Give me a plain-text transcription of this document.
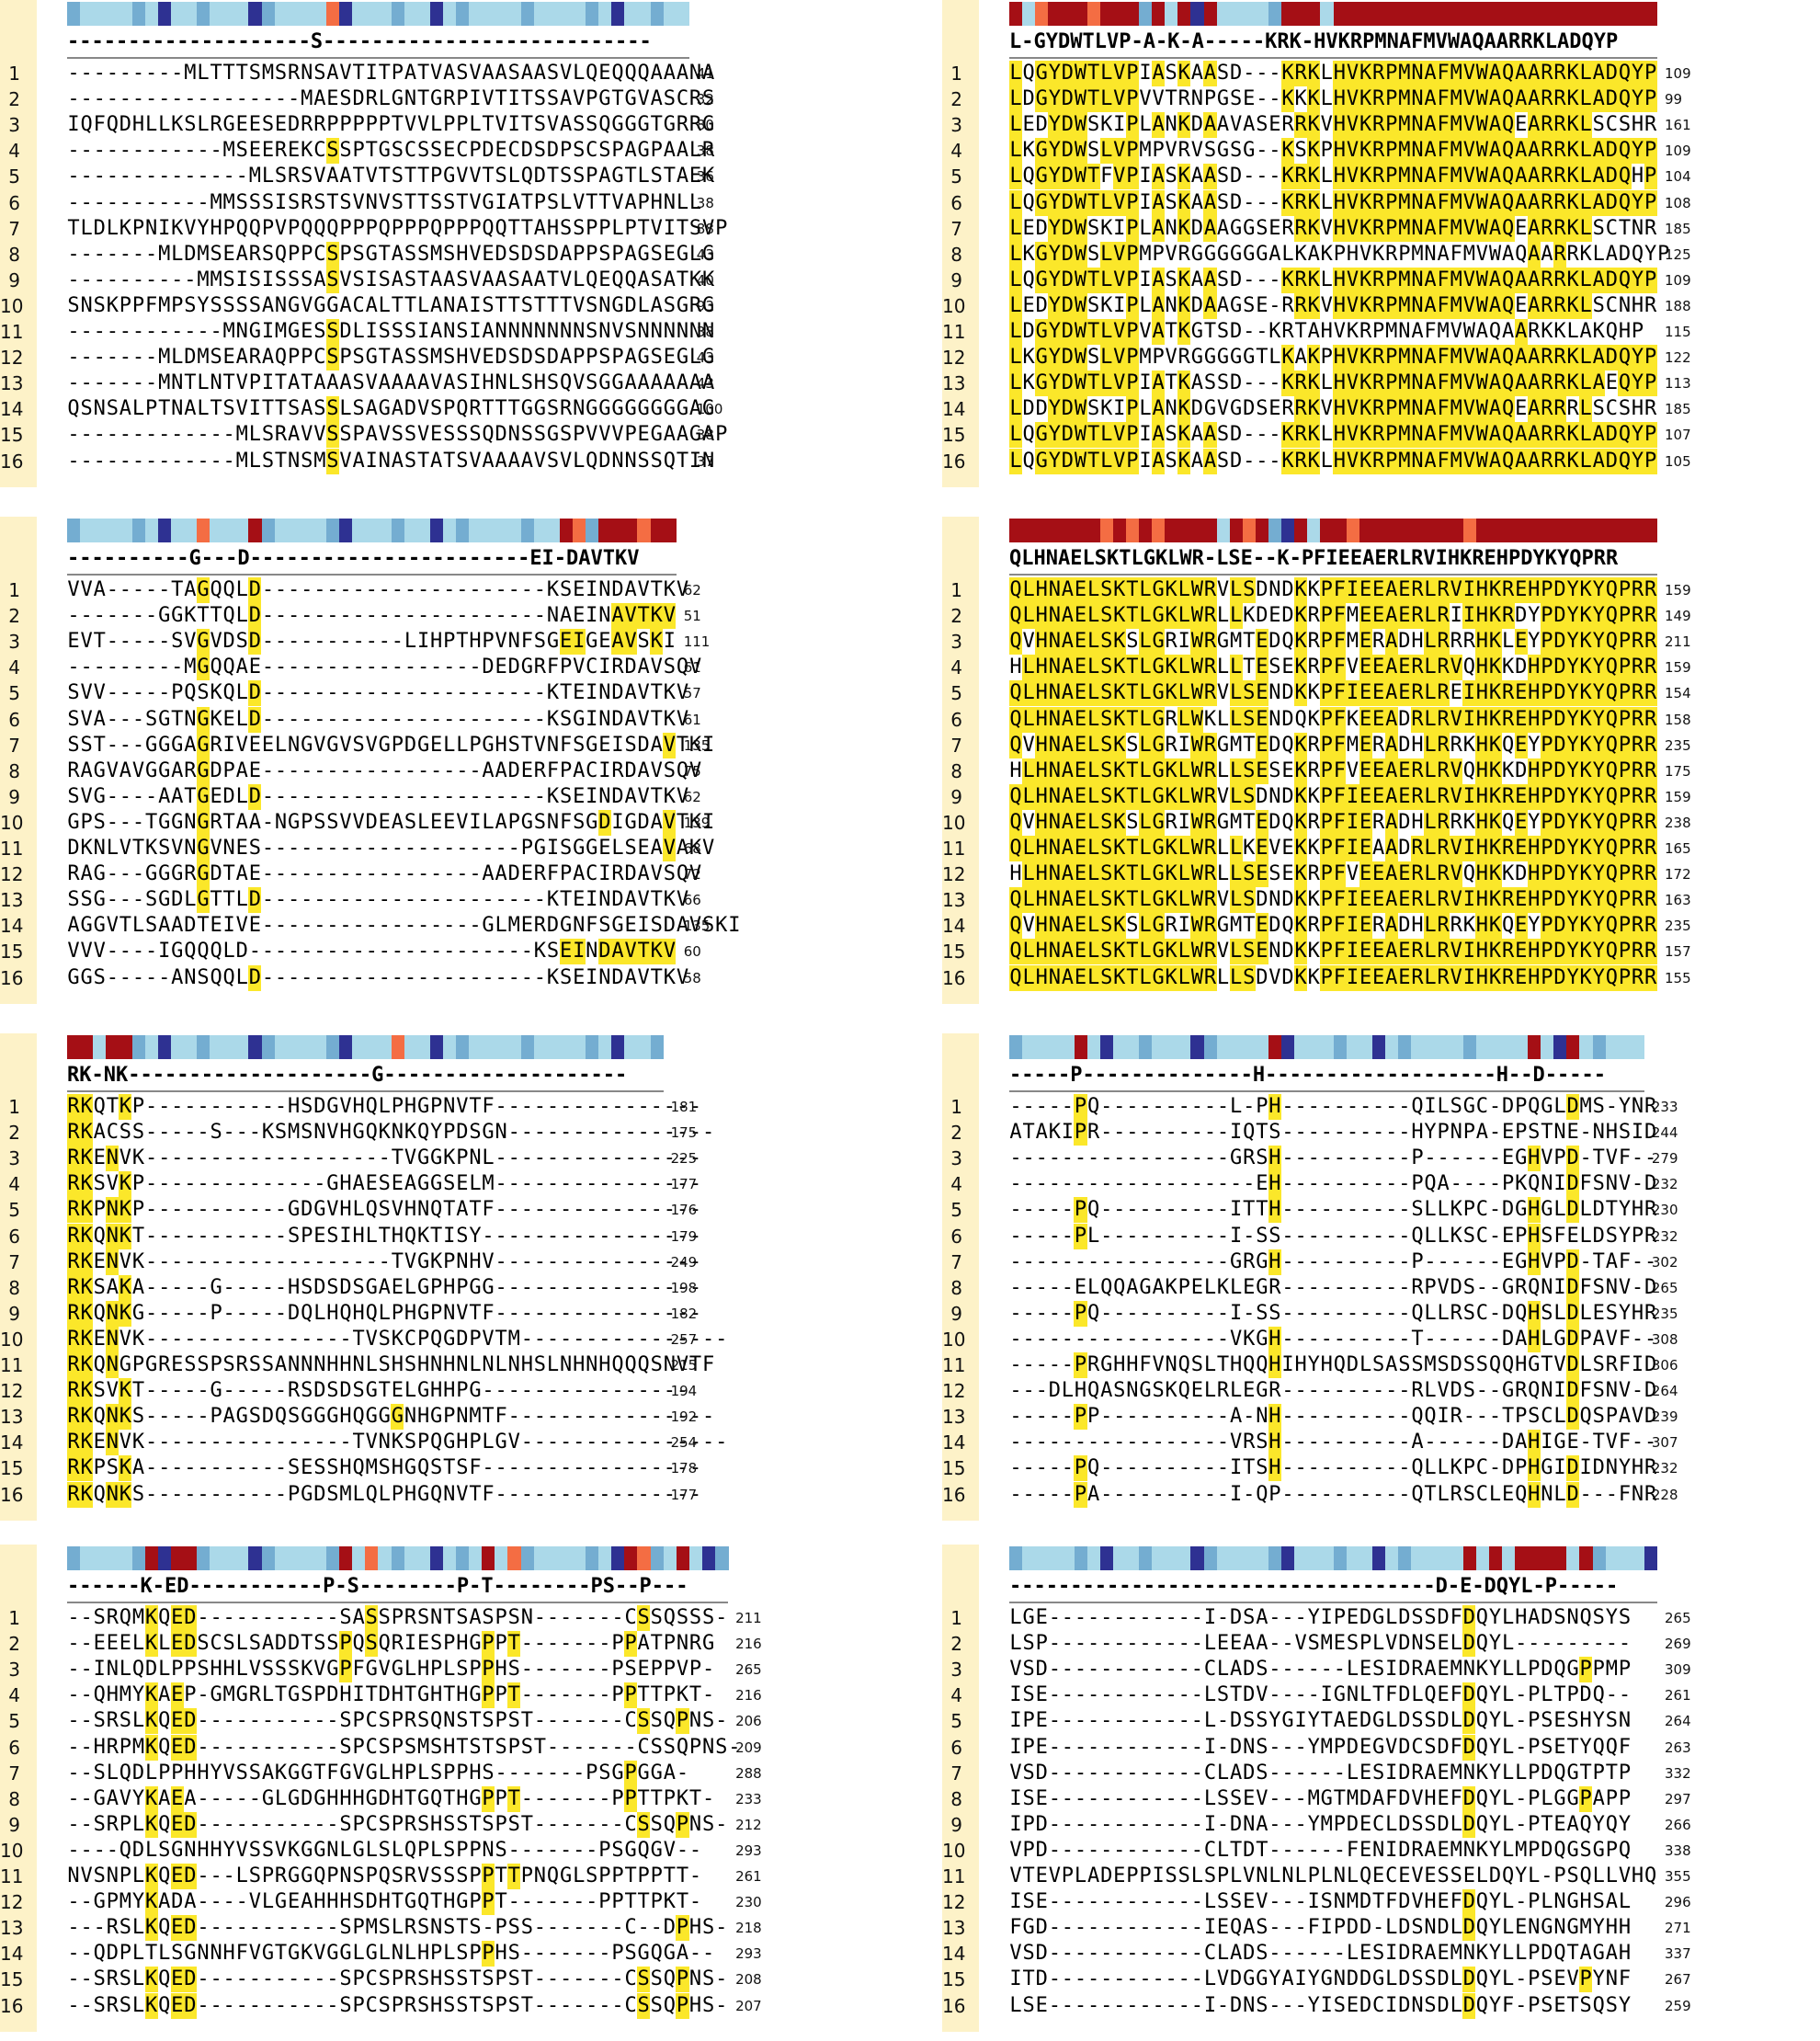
--------------------S---------------------------
1 ---------MLTTTSMSRNSAVTITPATVASVAASAASVLQEQQQAAANA
41
2 ------------------MAESDRLGNTGRPIVTITSSAVPGTGVASCRS
32
3 IQFQDHLLKSLRGEESEDRRPPPPPTVVLPPLTVITSVASSQGGGTGRRG
80
4 ------------MSEEREKCSSPTGSCSSECPDECDSDPSCSPAGPAALR
38
5 --------------MLSRSVAATVTSTTPGVVTSLQDTSSPAGTLSTAEK
36
6 -----------MMSSSISRSTSVNVSTTSSTVGIATPSLVTTVAPHNLL
38
7 TLDLKPNIKVYHPQQPVPQQQPPPQPPPQPPPQQTTAHSSPPLPTVITSVP
88
8 -------MLDMSEARSQPPCSPSGTASSMSHVEDSDSDAPPSPAGSEGLG
43
9 ----------MMSISISSSASVSISASTAASVAASAATVLQEQQASATKK
40
10 SNSKPPFMPSYSSSSANGVGGACALTTLANAISTTSTTTVSNGDLASGRG
93
11 ------------MNGIMGESSDLISSSIANSIANNNNNNNSNVSNNNNNN
38
12 -------MLDMSEARAQPPCSPSGTASSMSHVEDSDSDAPPSPAGSEGLG
43
13 -------MNTLNTVPITATAAASVAAAAVASIHNLSHSQVSGGAAAAAAA
43
14 QSNSALPTNALTSVITTSASSLSAGADVSPQRTTTGGSRNGGGGGGGGAG
100
15 -------------MLSRAVVSSPAVSSVESSSQDNSSGSPVVVPEGAAGAP
38
16 -------------MLSTNSMSVAINASTATSVAAAAVSVLQDNNSSQTIN
37
L-GYDWTLVP-A-K-A-----KRK-HVKRPMNAFMVWAQAARRKLADQYP
1 LQGYDWTLVPIASKAASD---KRKLHVKRPMNAFMVWAQAARRKLADQYP 109
2 LDGYDWTLVPVVTRNPGSE--KKKLHVKRPMNAFMVWAQAARRKLADQYP 99
3 LEDYDWSKIPLANKDAAVASERRKVHVKRPMNAFMVWAQEARRKLSCSHR 161
4 LKGYDWSLVPMPVRVSGSG--KSKPHVKRPMNAFMVWAQAARRKLADQYP 109
5 LQGYDWTFVPIASKAASD---KRKLHVKRPMNAFMVWAQAARRKLADQHP 104
6 LQGYDWTLVPIASKAASD---KRKLHVKRPMNAFMVWAQAARRKLADQYP 108
7 LEDYDWSKIPLANKDAAGGSERRKVHVKRPMNAFMVWAQEARRKLSCTNR 185
8 LKGYDWSLVPMPVRGGGGGGALKAKPHVKRPMNAFMVWAQAARRKLADQYP
125
9 LQGYDWTLVPIASKAASD---KRKLHVKRPMNAFMVWAQAARRKLADQYP 109
10 LEDYDWSKIPLANKDAAGSE-RRKVHVKRPMNAFMVWAQEARRKLSCNHR 188
11 LDGYDWTLVPVATKGTSD--KRTAHVKRPMNAFMVWAQAARKKLAKQHP 115
12 LKGYDWSLVPMPVRGGGGGTLKAKPHVKRPMNAFMVWAQAARRKLADQYP 122
13 LKGYDWTLVPIATKASSD---KRKLHVKRPMNAFMVWAQAARRKLAEQYP 113
14 LDDYDWSKIPLANKDGVGDSERRKVHVKRPMNAFMVWAQEARRRLSCSHR 185
15 LQGYDWTLVPIASKAASD---KRKLHVKRPMNAFMVWAQAARRKLADQYP 107
16 LQGYDWTLVPIASKAASD---KRKLHVKRPMNAFMVWAQAARRKLADQYP 105
----------G---D-----------------------EI-DAVTKV
1 VVA-----TAGQQLD----------------------KSEINDAVTKV
62
2 -------GGKTTQLD----------------------NAEINAVTKV 51
3 EVT-----SVGVDSD-----------LIHPTHPVNFSGEIGEAVSKI 111
4 ---------MGQQAE-----------------DEDGRFPVCIRDAVSQV
61
5 SVV-----PQSKQLD----------------------KTEINDAVTKV
57
6 SVA---SGTNGKELD----------------------KSGINDAVTKV
61
7 SST---GGGAGRIVEELNGVGVSVGPDGELLPGHSTVNFSGEISDAVTKI
135
8 RAGVAVGGARGDPAE-----------------AADERFPACIRDAVSQV
75
9 SVG----AATGEDLD----------------------KSEINDAVTKV
62
10 GPS---TGGNGRTAA-NGPSSVVDEASLEEVILAPGSNFSGDIGDAVTKI
139
11 DKNLVTKSVNGVNES--------------------PGISGGELSEAVAKV
68
12 RAG---GGGRGDTAE-----------------AADERFPACIRDAVSQV
72
13 SSG---SGDLGTTLD----------------------KTEINDAVTKV
66
14 AGGVTLSAADTEIVE-----------------GLMERDGNFSGEISDAVSKI
135
15 VVV----IGQQQLD----------------------KSEINDAVTKV 60
16 GGS-----ANSQQLD----------------------KSEINDAVTKV
58
QLHNAELSKTLGKLWR-LSE--K-PFIEEAERLRVIHKREHPDYKYQPRR
1 QLHNAELSKTLGKLWRVLSDNDKKPFIEEAERLRVIHKREHPDYKYQPRR 159
2 QLHNAELSKTLGKLWRLLKDEDKRPFMEEAERLRIIHKRDYPDYKYQPRR 149
3 QVHNAELSKSLGRIWRGMTEDQKRPFMERADHLRRRHKLEYPDYKYQPRR 211
4 HLHNAELSKTLGKLWRLLTESEKRPFVEEAERLRVQHKKDHPDYKYQPRR 159
5 QLHNAELSKTLGKLWRVLSENDKKPFIEEAERLREIHKREHPDYKYQPRR 154
6 QLHNAELSKTLGRLWKLLSENDQKPFKEEADRLRVIHKREHPDYKYQPRR 158
7 QVHNAELSKSLGRIWRGMTEDQKRPFMERADHLRRKHKQEYPDYKYQPRR 235
8 HLHNAELSKTLGKLWRLLSESEKRPFVEEAERLRVQHKKDHPDYKYQPRR 175
9 QLHNAELSKTLGKLWRVLSDNDKKPFIEEAERLRVIHKREHPDYKYQPRR 159
10 QVHNAELSKSLGRIWRGMTEDQKRPFIERADHLRRKHKQEYPDYKYQPRR 238
11 QLHNAELSKTLGKLWRLLKEVEKKPFIEAADRLRVIHKREHPDYKYQPRR 165
12 HLHNAELSKTLGKLWRLLSESEKRPFVEEAERLRVQHKKDHPDYKYQPRR 172
13 QLHNAELSKTLGKLWRVLSDNDKKPFIEEAERLRVIHKREHPDYKYQPRR 163
14 QVHNAELSKSLGRIWRGMTEDQKRPFIERADHLRRKHKQEYPDYKYQPRR 235
15 QLHNAELSKTLGKLWRVLSENDKKPFIEEAERLRVIHKREHPDYKYQPRR 157
16 QLHNAELSKTLGKLWRLLSDVDKKPFIEEAERLRVIHKREHPDYKYQPRR 155
RK-NK--------------------G--------------------
1 RKQTKP-----------HSDGVHQLPHGPNVTF----------------
181
2 RKACSS-----S---KSMSNVHGQKNKQYPDSGN----------------
175
3 RKENVK-------------------TVGGKPNL----------------
225
4 RKSVKP--------------GHAESEAGGSELM----------------
177
5 RKPNKP-----------GDGVHLQSVHNQTATF----------------
176
6 RKQNKT-----------SPESIHLTHQKTISY-----------------
179
7 RKENVK-------------------TVGKPNHV----------------
249
8 RKSAKA-----G-----HSDSDSGAELGPHPGG----------------
198
9 RKQNKG-----P-----DQLHQHQLPHGPNVTF----------------
182
10 RKENVK----------------TVSKCPQGDPVTM----------------
257
11 RKQNGPGRESSPSRSSANNNHHNLSHSHNHNLNLNHSLNHNHQQQSNVTF
215
12 RKSVKT-----G-----RSDSDSGTELGHHPG----------------
194
13 RKQNKS-----PAGSDQSGGGHQGGGNHGPNMTF----------------
192
14 RKENVK----------------TVNKSPQGHPLGV----------------
254
15 RKPSKA-----------SESSHQMSHGQSTSF-----------------
178
16 RKQNKS-----------PGDSMLQLPHGQNVTF----------------
177
-----P--------------H-------------------H--D-----
1 -----PQ----------L-PH----------QILSGC-DPQGLDMS-YNR
233
2 ATAKIPR----------IQTS----------HYPNPA-EPSTNE-NHSID
244
3 -----------------GRSH----------P------EGHVPD-TVF--
279
4 -------------------EH----------PQA----PKQNIDFSNV-D
232
5 -----PQ----------ITTH----------SLLKPC-DGHGLDLDTYHR
230
6 -----PL----------I-SS----------QLLKSC-EPHSFELDSYPR
232
7 -----------------GRGH----------P------EGHVPD-TAF--
302
8 -----ELQQAGAKPELKLEGR----------RPVDS--GRQNIDFSNV-D
265
9 -----PQ----------I-SS----------QLLRSC-DQHSLDLESYHR
235
10 -----------------VKGH----------T------DAHLGDPAVF--
308
11 -----PRGHHFVNQSLTHQQHIHYHQDLSASSMSDSSQQHGTVDLSRFID
306
12 ---DLHQASNGSKQELRLEGR----------RLVDS--GRQNIDFSNV-D
264
13 -----PP----------A-NH----------QQIR---TPSCLDQSPAVD
239
14 -----------------VRSH----------A------DAHIGE-TVF--
307
15 -----PQ----------ITSH----------QLLKPC-DPHGIDIDNYHR
232
16 -----PA----------I-QP----------QTLRSCLEQHNLD---FNR
228
------K-ED-----------P-S--------P-T--------PS--P---
1 --SRQMKQED-----------SASSPRSNTSASPSN-------CSSQSSS- 211
2 --EEELKLEDSCSLSADDTSSPQSQRIESPHGPPT-------PPATPNRG 216
3 --INLQDLPPSHHLVSSSKVGPFGVGLHPLSPPHS-------PSEPPVP- 265
4 --QHMYKAEP-GMGRLTGSPDHITDHTGHTHGPPT-------PPTTPKT- 216
5 --SRSLKQED-----------SPCSPRSQNSTSPST-------CSSQPNS- 206
6 --HRPMKQED-----------SPCSPSMSHTSTSPST-------CSSQPNS-
209
7 --SLQDLPPHHYVSSAKGGTFGVGLHPLSPPHS-------PSGPGGA-	288
8 --GAVYKAEA-----GLGDGHHHGDHTGQTHGPPT-------PPTTPKT- 233
9 --SRPLKQED-----------SPCSPRSHSSTSPST-------CSSQPNS- 212
10 ----QDLSGNHHYVSSVKGGNLGLSLQPLSPPNS-------PSGQGV-- 293
11 NVSNPLKQED---LSPRGGQPNSPQSRVSSSPPTTPNQGLSPPTPPTT- 261
12 --GPMYKADA----VLGEAHHHSDHTGQTHGPPT-------PPTTPKT- 230
13 ---RSLKQED-----------SPMSLRSNSTS-PSS-------C--DPHS- 218
14 --QDPLTLSGNNHFVGTGKVGGLGLNLHPLSPPHS-------PSGQGA-- 293
15 --SRSLKQED-----------SPCSPRSHSSTSPST-------CSSQPNS- 208
16 --SRSLKQED-----------SPCSPRSHSSTSPST-------CSSQPHS- 207
-----------------------------------D-E-DQYL-P-----
1 LGE------------I-DSA---YIPEDGLDSSDFDQYLHADSNQSYS 265
2 LSP------------LEEAA--VSMESPLVDNSELDQYL--------- 269
3 VSD------------CLADS------LESIDRAEMNKYLLPDQGPPMP 309
4 ISE------------LSTDV----IGNLTFDLQEFDQYL-PLTPDQ-- 261
5 IPE------------L-DSSYGIYTAEDGLDSSDLDQYL-PSESHYSN 264
6 IPE------------I-DNS---YMPDEGVDCSDFDQYL-PSETYQQF 263
7 VSD------------CLADS------LESIDRAEMNKYLLPDQGTPTP 332
8 ISE------------LSSEV---MGTMDAFDVHEFDQYL-PLGGPAPP 297
9 IPD------------I-DNA---YMPDECLDSSDLDQYL-PTEAQYQY 266
10 VPD------------CLTDT------FENIDRAEMNKYLMPDQGSGPQ 338
11 VTEVPLADEPPISSLSPLVNLNLPLNLQECEVESSELDQYL-PSQLLVHQ 355
12 ISE------------LSSEV---ISNMDTFDVHEFDQYL-PLNGHSAL 296
13 FGD------------IEQAS---FIPDD-LDSNDLDQYLENGNGMYHH 271
14 VSD------------CLADS------LESIDRAEMNKYLLPDQTAGAH 337
15 ITD------------LVDGGYAIYGNDDGLDSSDLDQYL-PSEVPYNF 267
16 LSE------------I-DNS---YISEDCIDNSDLDQYF-PSETSQSY 259
